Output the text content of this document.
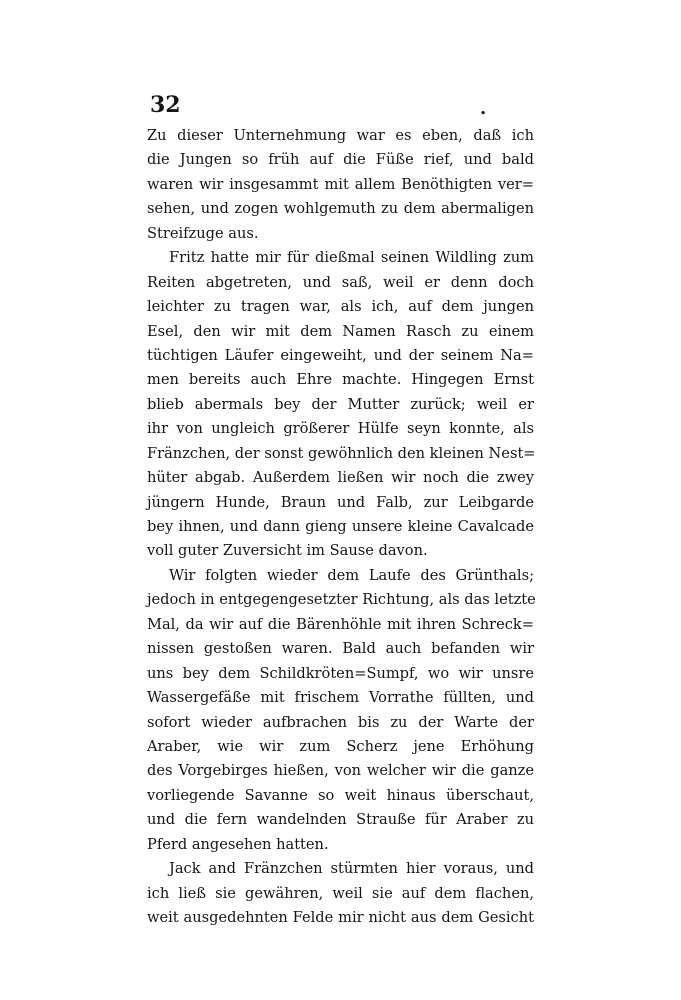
32	.
Zu dieser Unternehmung war es eben, daß ich
die Jungen so früh auf die Füße rief, und bald
waren wir insgesammt mit allem Benöthigten ver=
sehen, und zogen wohlgemuth zu dem abermaligen
Streifzuge aus.
Fritz hatte mir für dießmal seinen Wildling zum
Reiten abgetreten, und saß, weil er denn doch
leichter zu tragen war, als ich, auf dem jungen
Esel, den wir mit dem Namen Rasch zu einem
tüchtigen Läufer eingeweiht, und der seinem Na=
men bereits auch Ehre machte. Hingegen Ernst
blieb abermals bey der Mutter zurück; weil er
ihr von ungleich größerer Hülfe seyn konnte, als
Fränzchen, der sonst gewöhnlich den kleinen Nest=
hüter abgab. Außerdem ließen wir noch die zwey
jüngern Hunde, Braun und Falb, zur Leibgarde
bey ihnen, und dann gieng unsere kleine Cavalcade
voll guter Zuversicht im Sause davon.
Wir folgten wieder dem Laufe des Grünthals;
jedoch in entgegengesetzter Richtung, als das letzte
Mal, da wir auf die Bärenhöhle mit ihren Schreck=
nissen gestoßen waren. Bald auch befanden wir
uns bey dem Schildkröten=Sumpf, wo wir unsre
Wassergefäße mit frischem Vorrathe füllten, und
sofort wieder aufbrachen bis zu der Warte der
Araber, wie wir zum Scherz jene Erhöhung
des Vorgebirges hießen, von welcher wir die ganze
vorliegende Savanne so weit hinaus überschaut,
und die fern wandelnden Strauße für Araber zu
Pferd angesehen hatten.
Jack and Fränzchen stürmten hier voraus, und
ich ließ sie gewähren, weil sie auf dem flachen,
weit ausgedehnten Felde mir nicht aus dem Gesicht
